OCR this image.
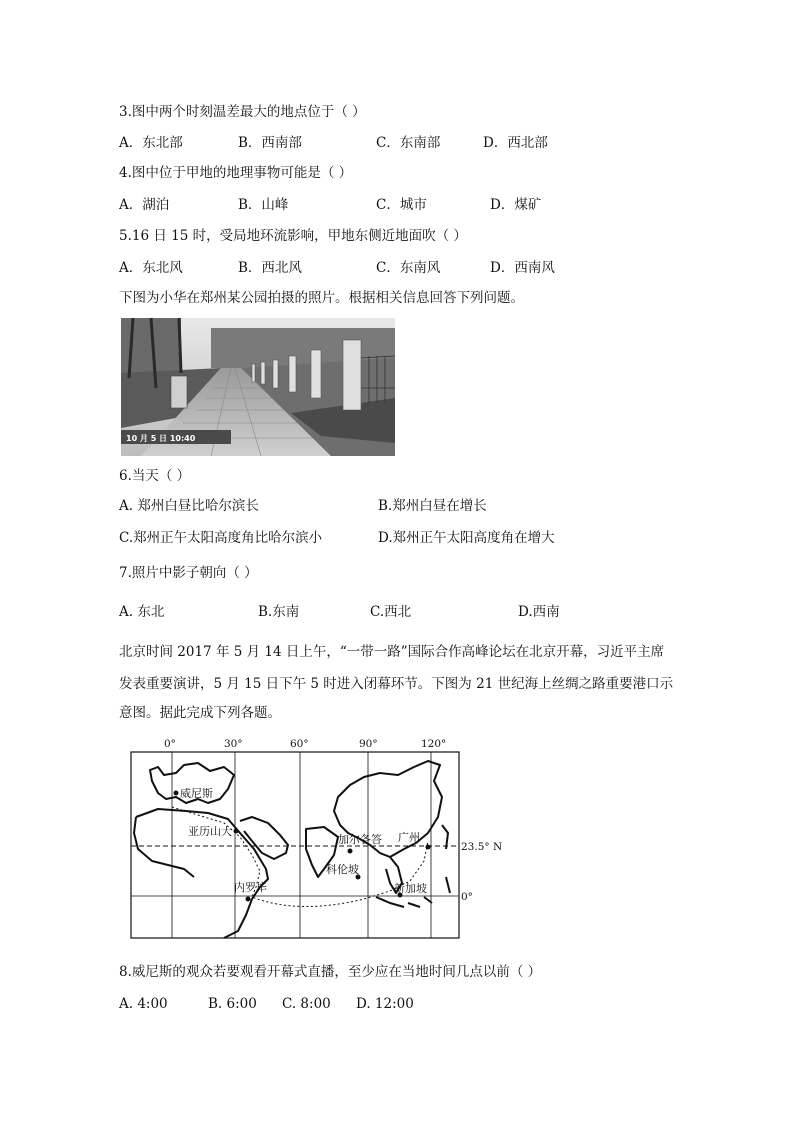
3.图中两个时刻温差最大的地点位于（ ）
A．东北部	B．西南部	C．东南部	D．西北部
4.图中位于甲地的地理事物可能是（ ）
A．湖泊	B．山峰	C．城市	D．煤矿
5.16 日 15 时，受局地环流影响，甲地东侧近地面吹（ ）
A．东北风	B．西北风	C．东南风	D．西南风
下图为小华在郑州某公园拍摄的照片。根据相关信息回答下列问题。
10 月 5 日 10:40
6.当天（ ）
A. 郑州白昼比哈尔滨长	B.郑州白昼在增长
C.郑州正午太阳高度角比哈尔滨小	D.郑州正午太阳高度角在增大
7.照片中影子朝向（ ）
A. 东北	B.东南	C.西北	D.西南
北京时间 2017 年 5 月 14 日上午，“一带一路”国际合作高峰论坛在北京开幕，习近平主席
发表重要演讲，5 月 15 日下午 5 时进入闭幕环节。下图为 21 世纪海上丝绸之路重要港口示
意图。据此完成下列各题。
0°	30°	60°	90°	120°
23.5° N
0°
威尼斯
亚历山大
加尔各答 广州
科伦坡
新加坡
内罗毕
8.威尼斯的观众若要观看开幕式直播，至少应在当地时间几点以前（ ）
A. 4:00	B. 6:00 C. 8:00 D. 12:00
